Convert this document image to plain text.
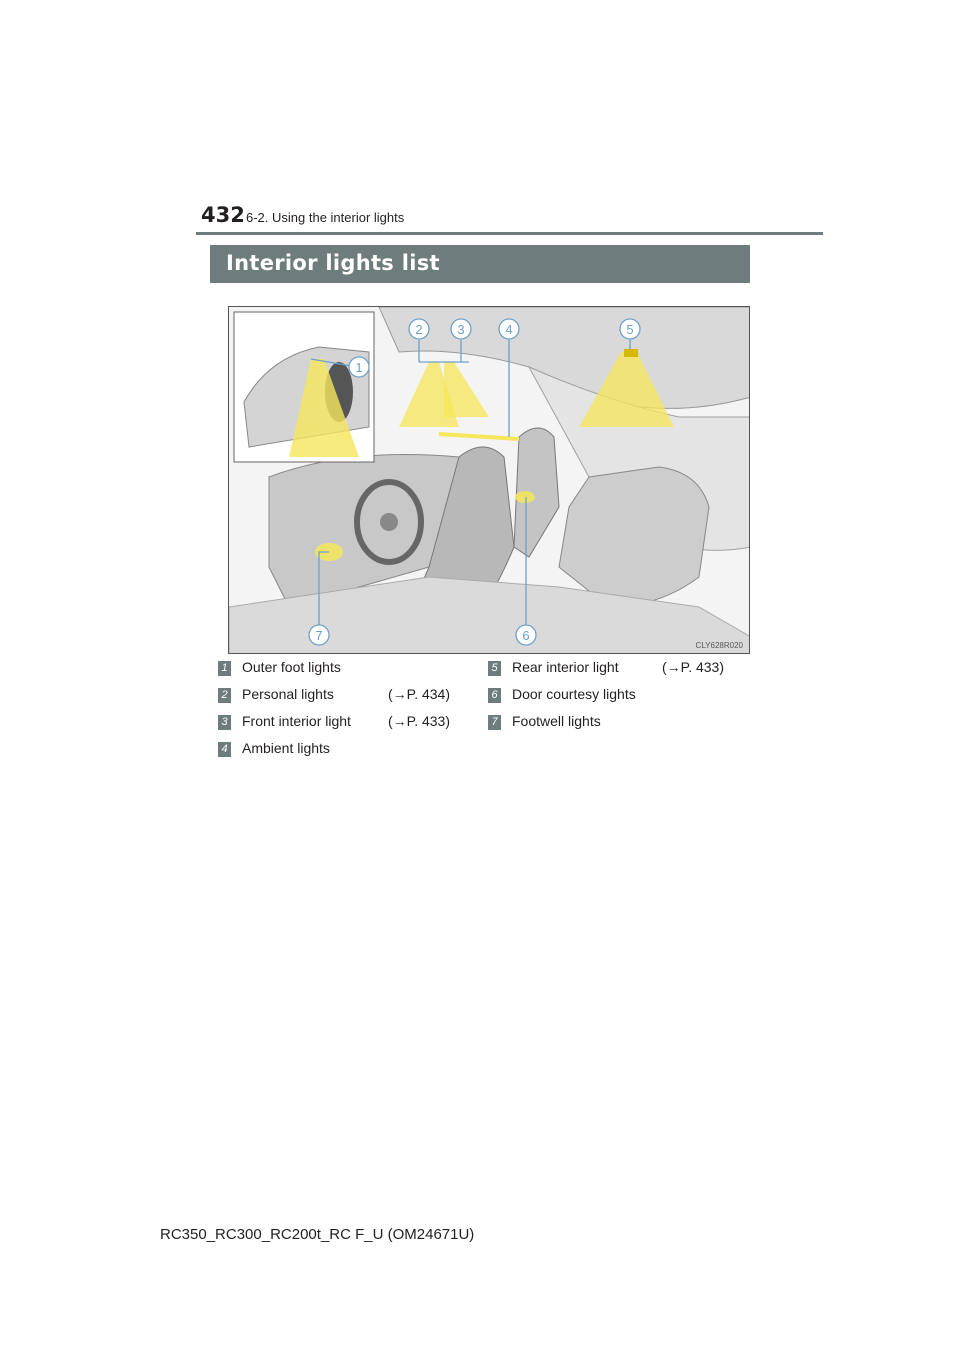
432 6-2. Using the interior lights
Interior lights list
1
2	3	4	5
6
7
CLY628R020
1 Outer foot lights
2 Personal lights	(→P. 434)
3 Front interior light	(→P. 433)
4 Ambient lights
5 Rear interior light	(→P. 433)
6 Door courtesy lights
7 Footwell lights
RC350_RC300_RC200t_RC F_U (OM24671U)
